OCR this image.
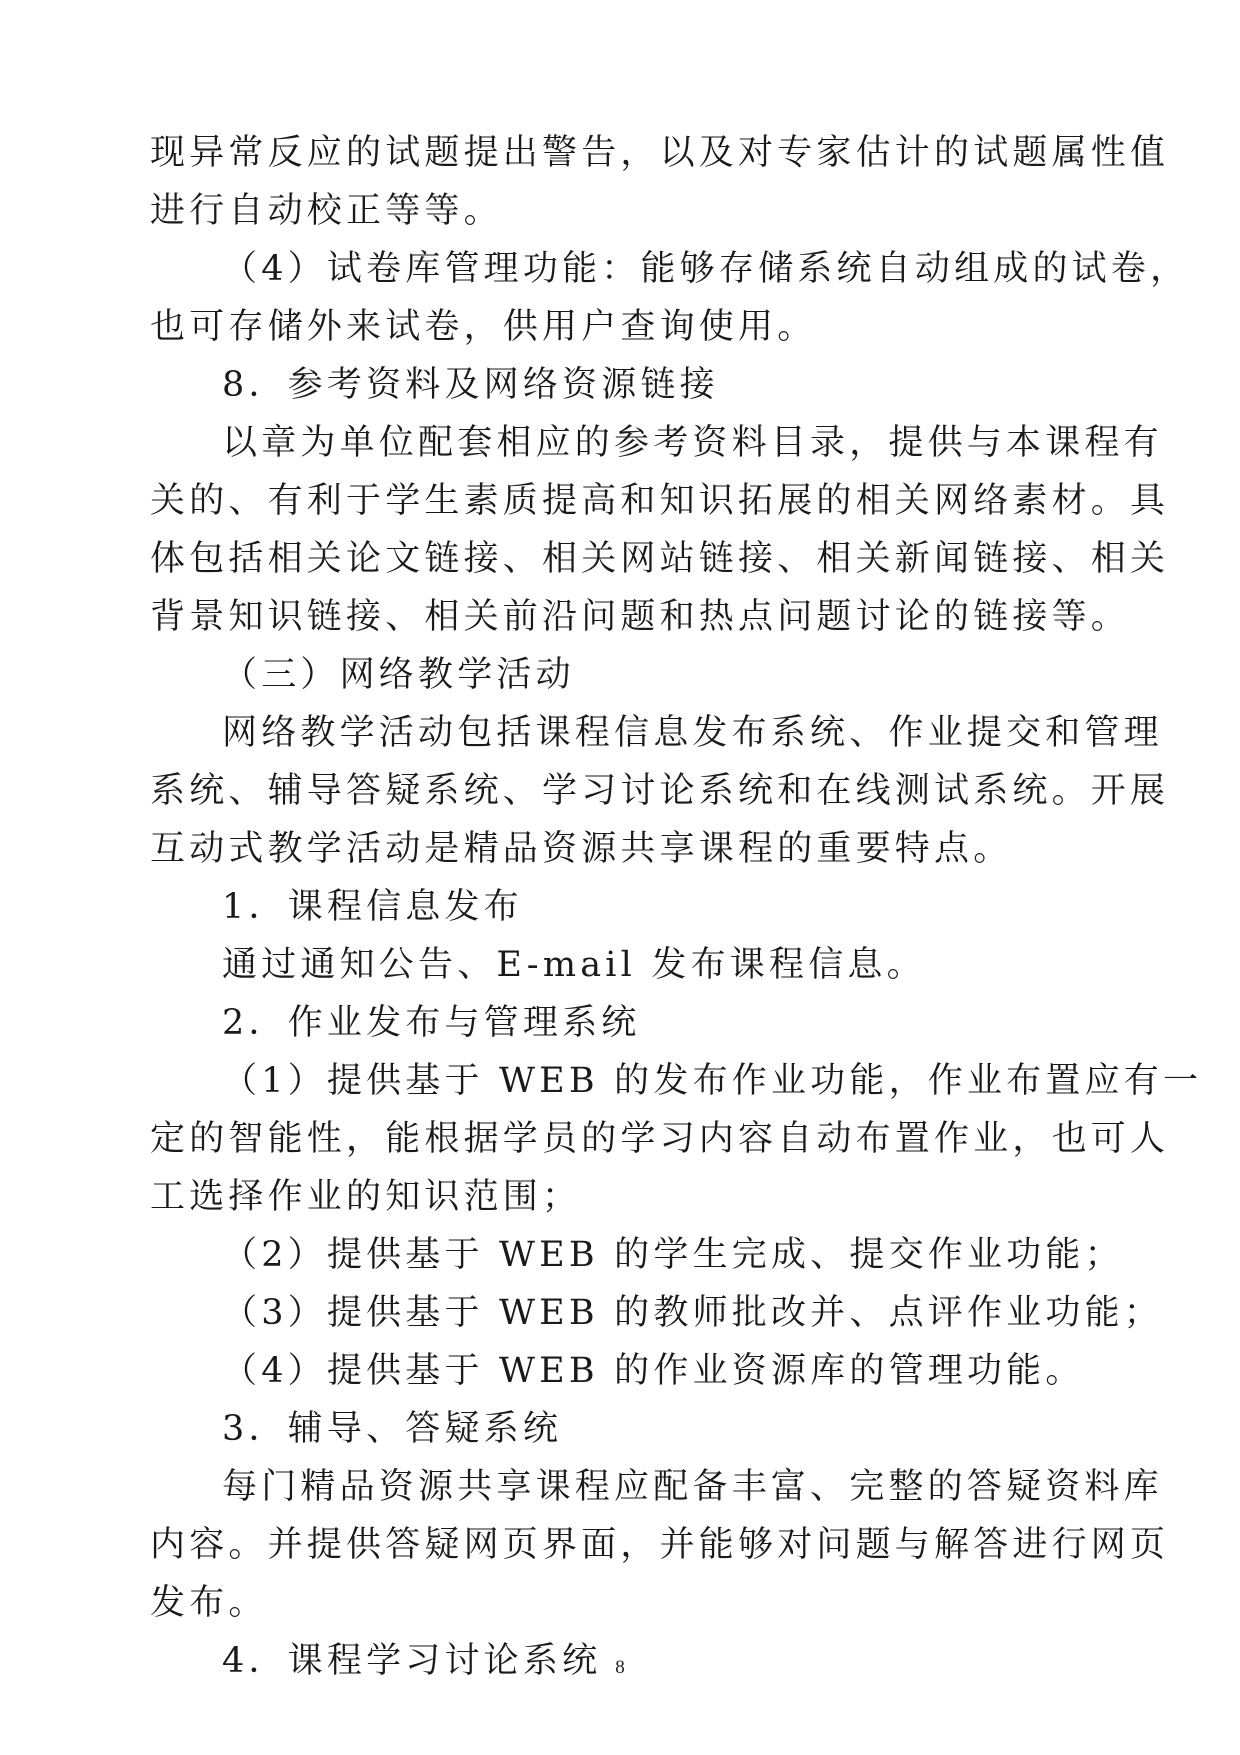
现异常反应的试题提出警告，以及对专家估计的试题属性值
进行自动校正等等。
（4）试卷库管理功能：能够存储系统自动组成的试卷，
也可存储外来试卷，供用户查询使用。
8．参考资料及网络资源链接
以章为单位配套相应的参考资料目录，提供与本课程有
关的、有利于学生素质提高和知识拓展的相关网络素材。具
体包括相关论文链接、相关网站链接、相关新闻链接、相关
背景知识链接、相关前沿问题和热点问题讨论的链接等。
（三）网络教学活动
网络教学活动包括课程信息发布系统、作业提交和管理
系统、辅导答疑系统、学习讨论系统和在线测试系统。开展
互动式教学活动是精品资源共享课程的重要特点。
1．课程信息发布
通过通知公告、E-mail 发布课程信息。
2．作业发布与管理系统
（1）提供基于 WEB 的发布作业功能，作业布置应有一
定的智能性，能根据学员的学习内容自动布置作业，也可人
工选择作业的知识范围；
（2）提供基于 WEB 的学生完成、提交作业功能；
（3）提供基于 WEB 的教师批改并、点评作业功能；
（4）提供基于 WEB 的作业资源库的管理功能。
3．辅导、答疑系统
每门精品资源共享课程应配备丰富、完整的答疑资料库
内容。并提供答疑网页界面，并能够对问题与解答进行网页
发布。
4．课程学习讨论系统 8
